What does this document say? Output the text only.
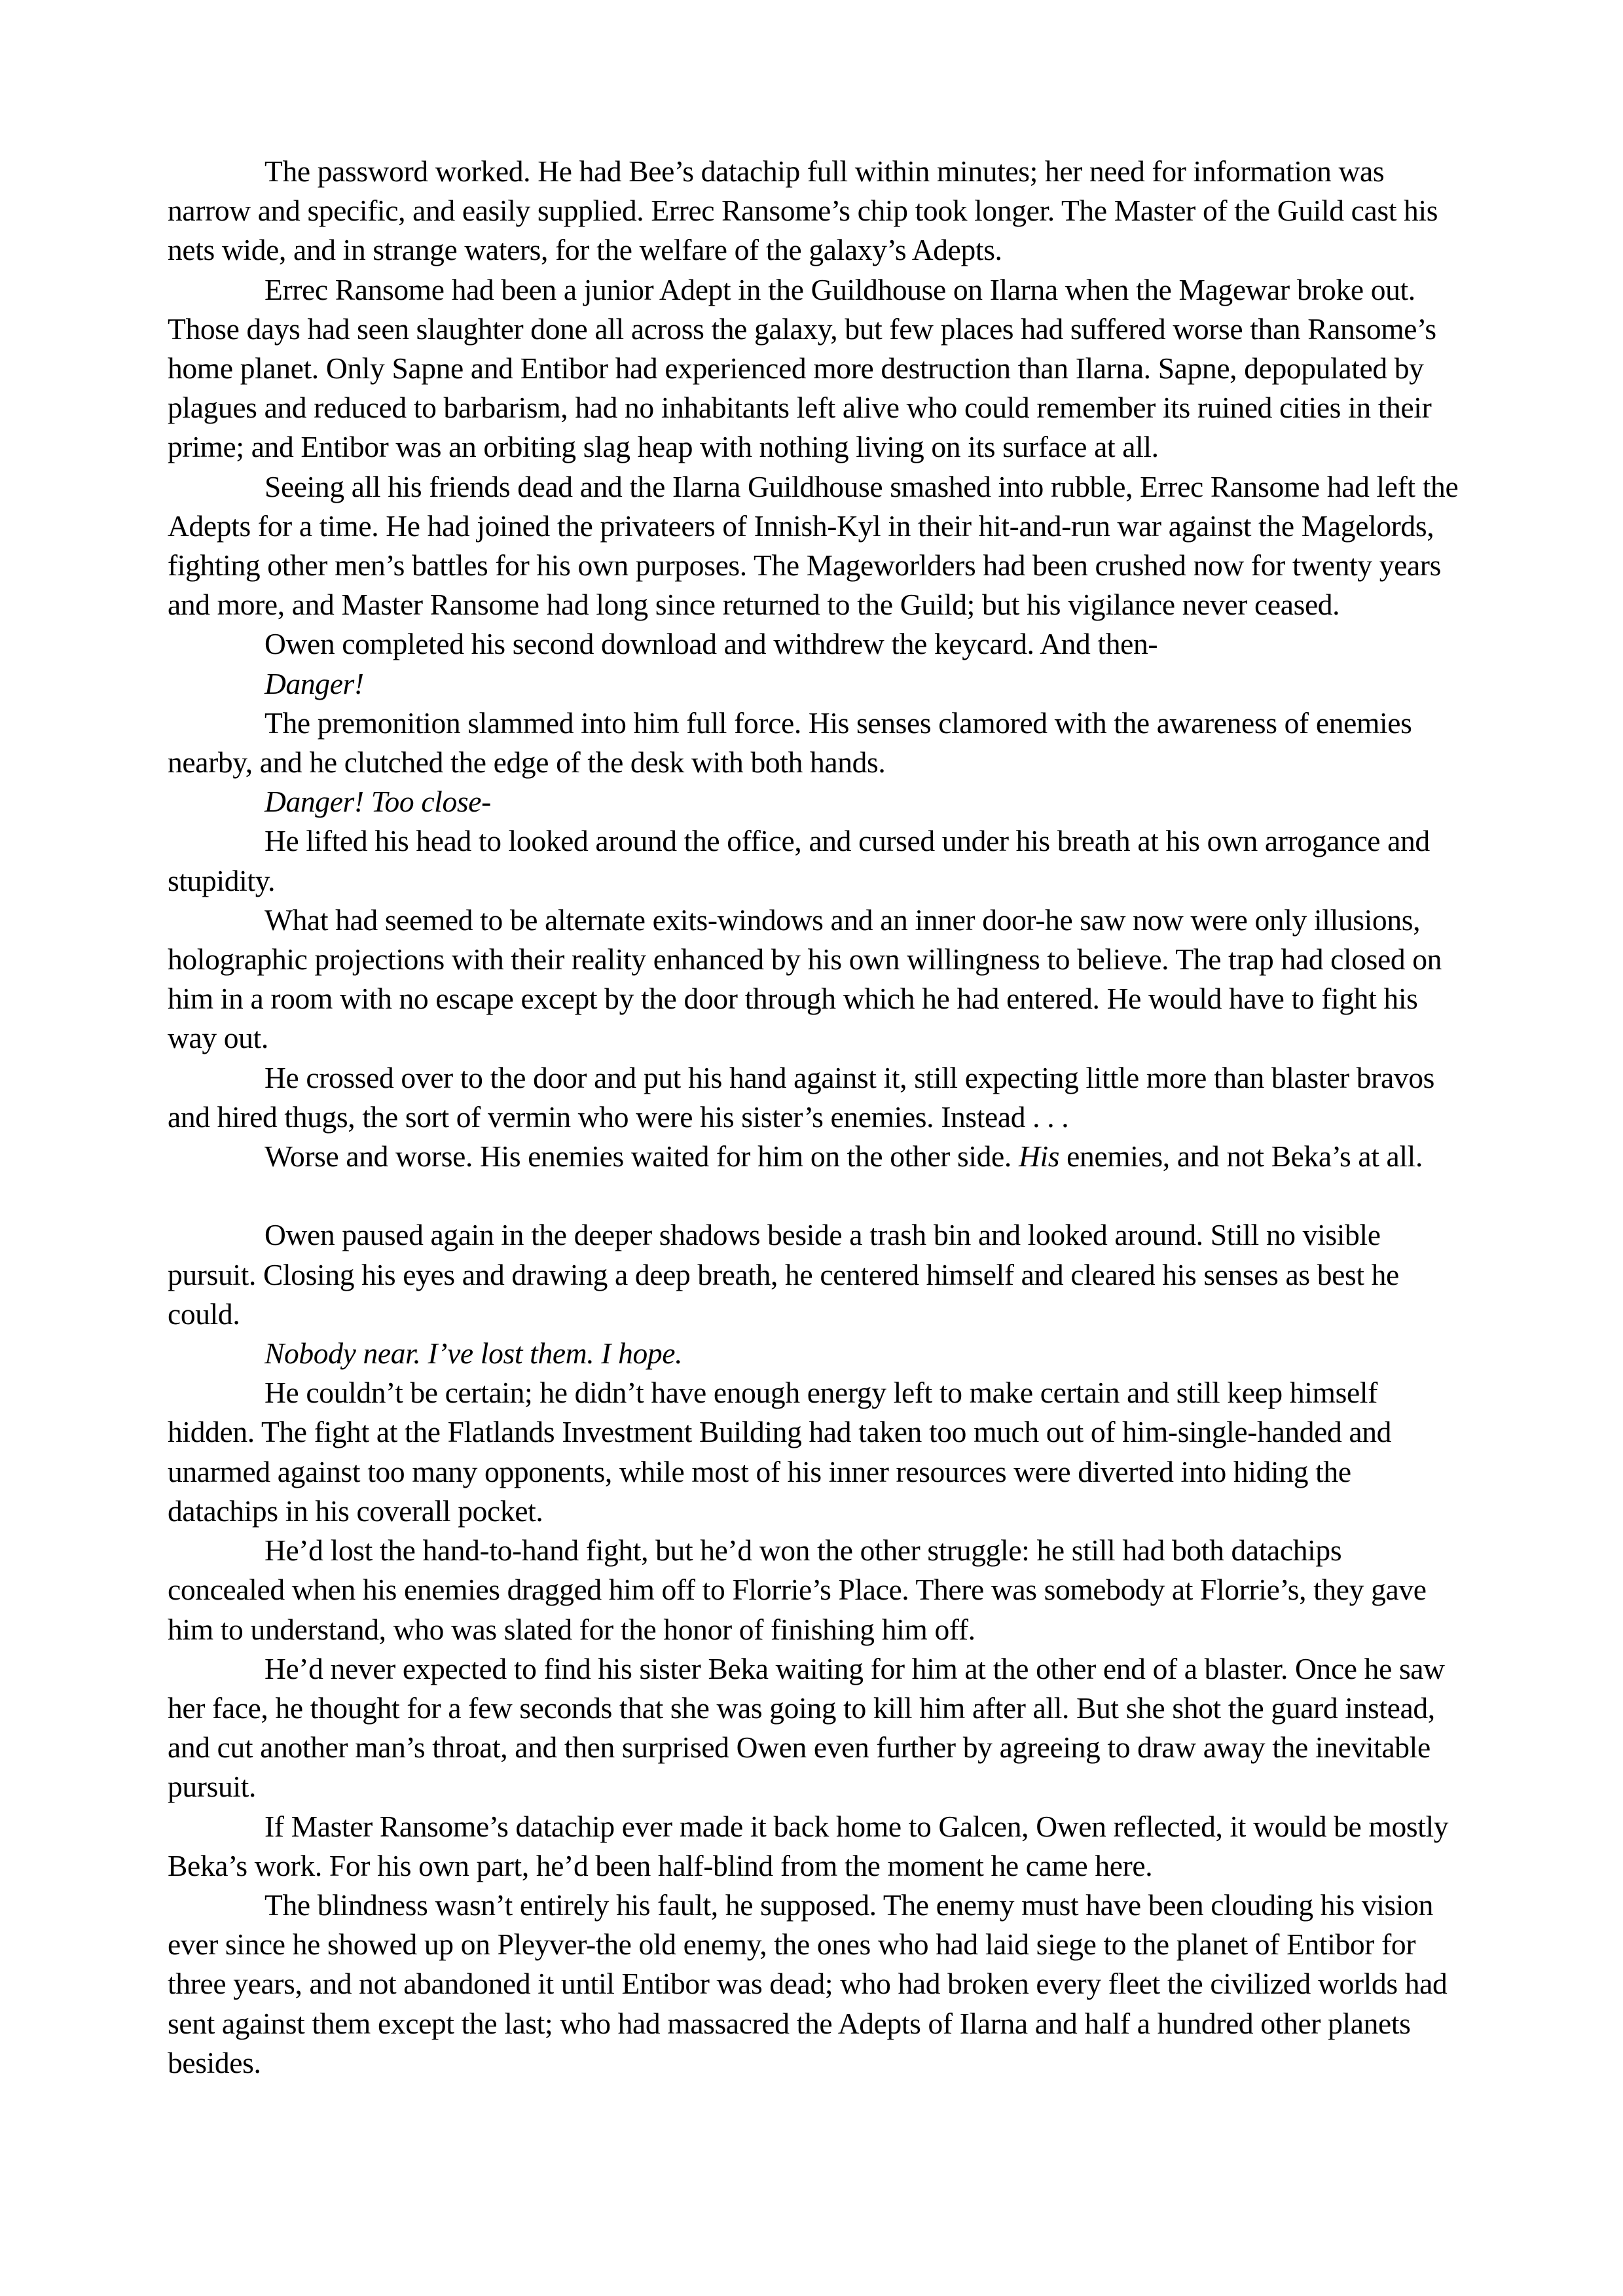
The password worked. He had Bee’s datachip full within minutes; her need for information was narrow and specific, and easily supplied. Errec Ransome’s chip took longer. The Master of the Guild cast his nets wide, and in strange waters, for the welfare of the galaxy’s Adepts.

Errec Ransome had been a junior Adept in the Guildhouse on Ilarna when the Magewar broke out. Those days had seen slaughter done all across the galaxy, but few places had suffered worse than Ransome’s home planet. Only Sapne and Entibor had experienced more destruction than Ilarna. Sapne, depopulated by plagues and reduced to barbarism, had no inhabitants left alive who could remember its ruined cities in their prime; and Entibor was an orbiting slag heap with nothing living on its surface at all.

Seeing all his friends dead and the Ilarna Guildhouse smashed into rubble, Errec Ransome had left the Adepts for a time. He had joined the privateers of Innish-Kyl in their hit-and-run war against the Magelords, fighting other men’s battles for his own purposes. The Mageworlders had been crushed now for twenty years and more, and Master Ransome had long since returned to the Guild; but his vigilance never ceased.

Owen completed his second download and withdrew the keycard. And then-

Danger!

The premonition slammed into him full force. His senses clamored with the awareness of enemies nearby, and he clutched the edge of the desk with both hands.

Danger! Too close-

He lifted his head to looked around the office, and cursed under his breath at his own arrogance and stupidity.

What had seemed to be alternate exits-windows and an inner door-he saw now were only illusions, holographic projections with their reality enhanced by his own willingness to believe. The trap had closed on him in a room with no escape except by the door through which he had entered. He would have to fight his way out.

He crossed over to the door and put his hand against it, still expecting little more than blaster bravos and hired thugs, the sort of vermin who were his sister’s enemies. Instead . . .

Worse and worse. His enemies waited for him on the other side. His enemies, and not Beka’s at all.

Owen paused again in the deeper shadows beside a trash bin and looked around. Still no visible pursuit. Closing his eyes and drawing a deep breath, he centered himself and cleared his senses as best he could.

Nobody near. I’ve lost them. I hope.

He couldn’t be certain; he didn’t have enough energy left to make certain and still keep himself hidden. The fight at the Flatlands Investment Building had taken too much out of him-single-handed and unarmed against too many opponents, while most of his inner resources were diverted into hiding the datachips in his coverall pocket.

He’d lost the hand-to-hand fight, but he’d won the other struggle: he still had both datachips concealed when his enemies dragged him off to Florrie’s Place. There was somebody at Florrie’s, they gave him to understand, who was slated for the honor of finishing him off.

He’d never expected to find his sister Beka waiting for him at the other end of a blaster. Once he saw her face, he thought for a few seconds that she was going to kill him after all. But she shot the guard instead, and cut another man’s throat, and then surprised Owen even further by agreeing to draw away the inevitable pursuit.

If Master Ransome’s datachip ever made it back home to Galcen, Owen reflected, it would be mostly Beka’s work. For his own part, he’d been half-blind from the moment he came here.

The blindness wasn’t entirely his fault, he supposed. The enemy must have been clouding his vision ever since he showed up on Pleyver-the old enemy, the ones who had laid siege to the planet of Entibor for three years, and not abandoned it until Entibor was dead; who had broken every fleet the civilized worlds had sent against them except the last; who had massacred the Adepts of Ilarna and half a hundred other planets besides.
